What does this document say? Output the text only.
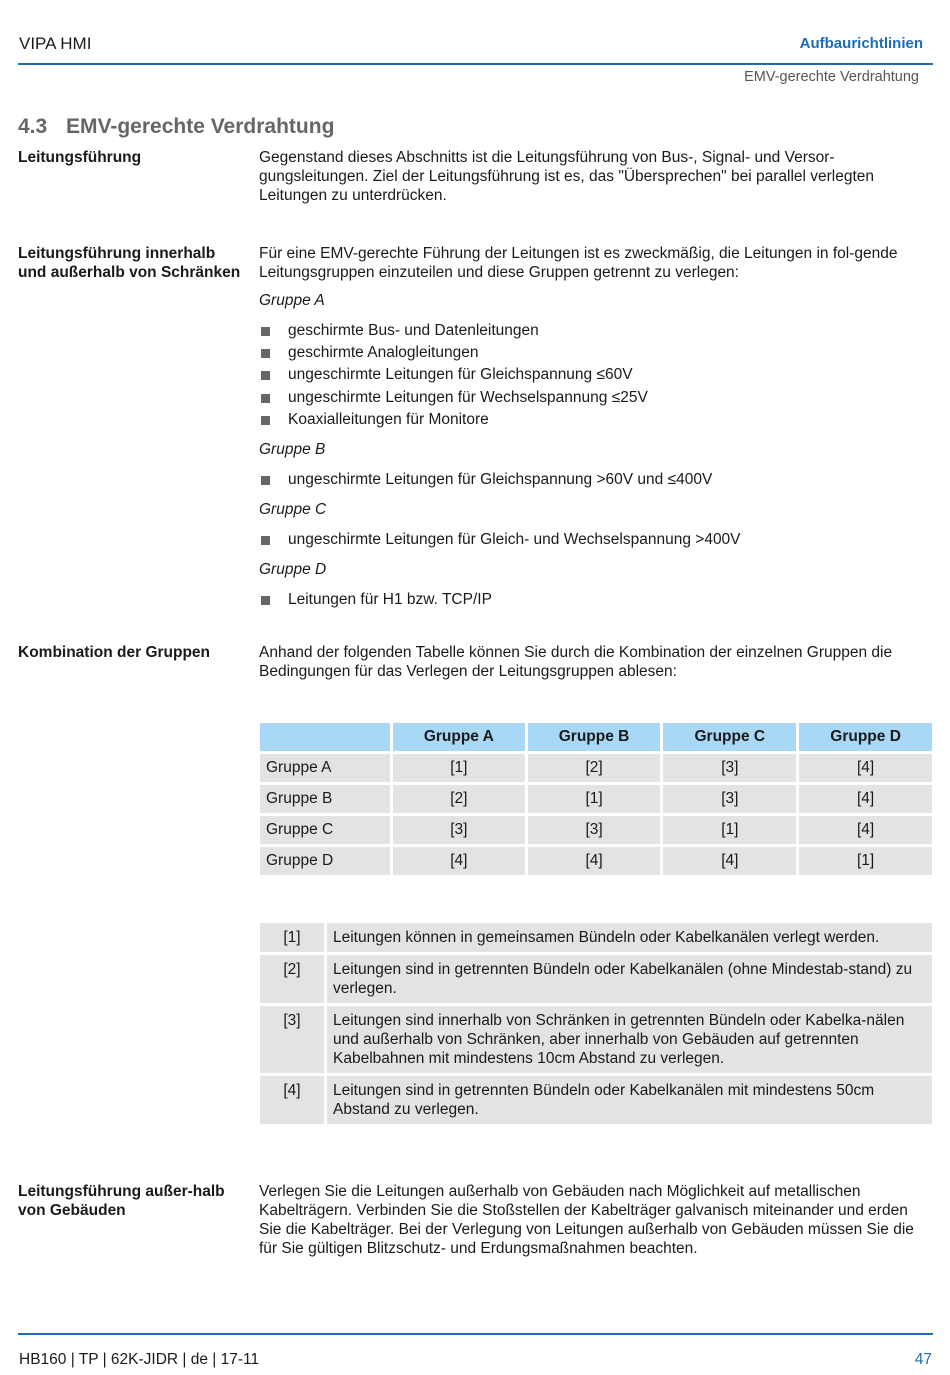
VIPA HMI	Aufbaurichtlinien
EMV-gerechte Verdrahtung
4.3 EMV-gerechte Verdrahtung
Leitungsführung	Gegenstand dieses Abschnitts ist die Leitungsführung von Bus-, Signal- und Versor-gungsleitungen. Ziel der Leitungsführung ist es, das "Übersprechen" bei parallel verlegten Leitungen zu unterdrücken.

Leitungsführung innerhalb und außerhalb von Schränken

Für eine EMV-gerechte Führung der Leitungen ist es zweckmäßig, die Leitungen in fol-gende Leitungsgruppen einzuteilen und diese Gruppen getrennt zu verlegen:

Gruppe A

geschirmte Bus- und Datenleitungen
geschirmte Analogleitungen
ungeschirmte Leitungen für Gleichspannung ≤60V
ungeschirmte Leitungen für Wechselspannung ≤25V
Koaxialleitungen für Monitore

Gruppe B

ungeschirmte Leitungen für Gleichspannung >60V und ≤400V

Gruppe C

ungeschirmte Leitungen für Gleich- und Wechselspannung >400V

Gruppe D

Leitungen für H1 bzw. TCP/IP
Kombination der Gruppen	Anhand der folgenden Tabelle können Sie durch die Kombination der einzelnen Gruppen die Bedingungen für das Verlegen der Leitungsgruppen ablesen:

	Gruppe A	Gruppe B	Gruppe C	Gruppe D
Gruppe A	[1]	[2]	[3]	[4]
Gruppe B	[2]	[1]	[3]	[4]
Gruppe C	[3]	[3]	[1]	[4]
Gruppe D	[4]	[4]	[4]	[1]
[1]	Leitungen können in gemeinsamen Bündeln oder Kabelkanälen verlegt werden.
[2]	Leitungen sind in getrennten Bündeln oder Kabelkanälen (ohne Mindestab-stand) zu verlegen.
[3]	Leitungen sind innerhalb von Schränken in getrennten Bündeln oder Kabelka-nälen und außerhalb von Schränken, aber innerhalb von Gebäuden auf getrennten Kabelbahnen mit mindestens 10cm Abstand zu verlegen.
[4]	Leitungen sind in getrennten Bündeln oder Kabelkanälen mit mindestens 50cm Abstand zu verlegen.
Leitungsführung außer-halb von Gebäuden

Verlegen Sie die Leitungen außerhalb von Gebäuden nach Möglichkeit auf metallischen Kabelträgern. Verbinden Sie die Stoßstellen der Kabelträger galvanisch miteinander und erden Sie die Kabelträger. Bei der Verlegung von Leitungen außerhalb von Gebäuden müssen Sie die für Sie gültigen Blitzschutz- und Erdungsmaßnahmen beachten.

HB160 | TP | 62K-JIDR | de | 17-11	47
